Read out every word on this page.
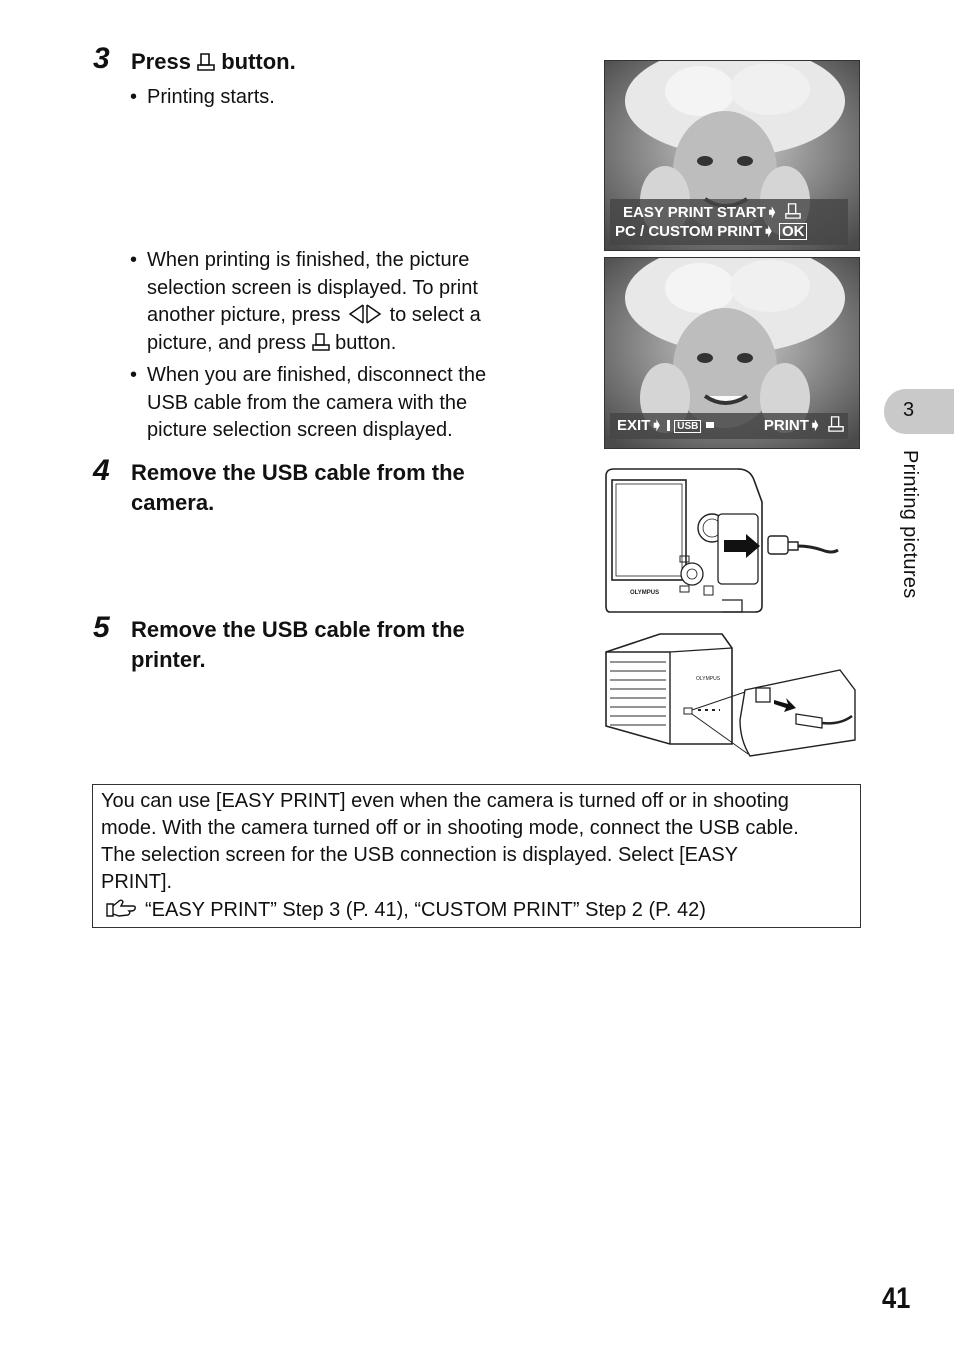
3 Press button.
• Printing starts.
• When printing is finished, the picture
selection screen is displayed. To print
another picture, press to select a
picture, and press button.
• When you are finished, disconnect the
USB cable from the camera with the
picture selection screen displayed.
4 Remove the USB cable from the
camera.
5 Remove the USB cable from the
printer.
EASY PRINT START➧
PC / CUSTOM PRINT➧ OK
EXIT➧ USB	PRINT➧
OLYMPUS
OLYMPUS
You can use [EASY PRINT] even when the camera is turned off or in shooting
mode. With the camera turned off or in shooting mode, connect the USB cable.
The selection screen for the USB connection is displayed. Select [EASY
PRINT].
“EASY PRINT” Step 3 (P. 41), “CUSTOM PRINT” Step 2 (P. 42)
3
Printing pictures
41
